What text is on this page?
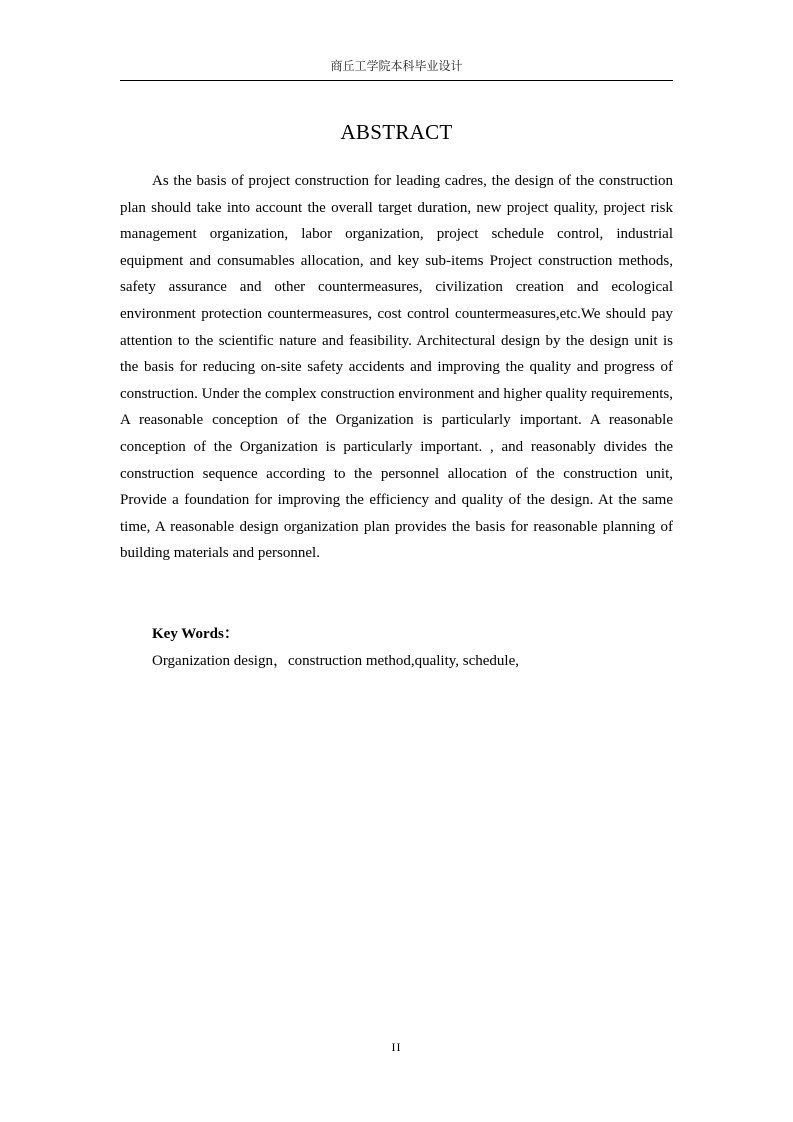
商丘工学院本科毕业设计
ABSTRACT

As the basis of project construction for leading cadres, the design of the construction plan should take into account the overall target duration, new project quality, project risk management organization, labor organization, project schedule control, industrial equipment and consumables allocation, and key sub-items Project construction methods, safety assurance and other countermeasures, civilization creation and ecological environment protection countermeasures, cost control countermeasures,etc.We should pay attention to the scientific nature and feasibility. Architectural design by the design unit is the basis for reducing on-site safety accidents and improving the quality and progress of construction. Under the complex construction environment and higher quality requirements, A reasonable conception of the Organization is particularly important. A reasonable conception of the Organization is particularly important. , and reasonably divides the construction sequence according to the personnel allocation of the construction unit, Provide a foundation for improving the efficiency and quality of the design. At the same time, A reasonable design organization plan provides the basis for reasonable planning of building materials and personnel.

Key Words：

Organization design，construction method,quality, schedule,

II
